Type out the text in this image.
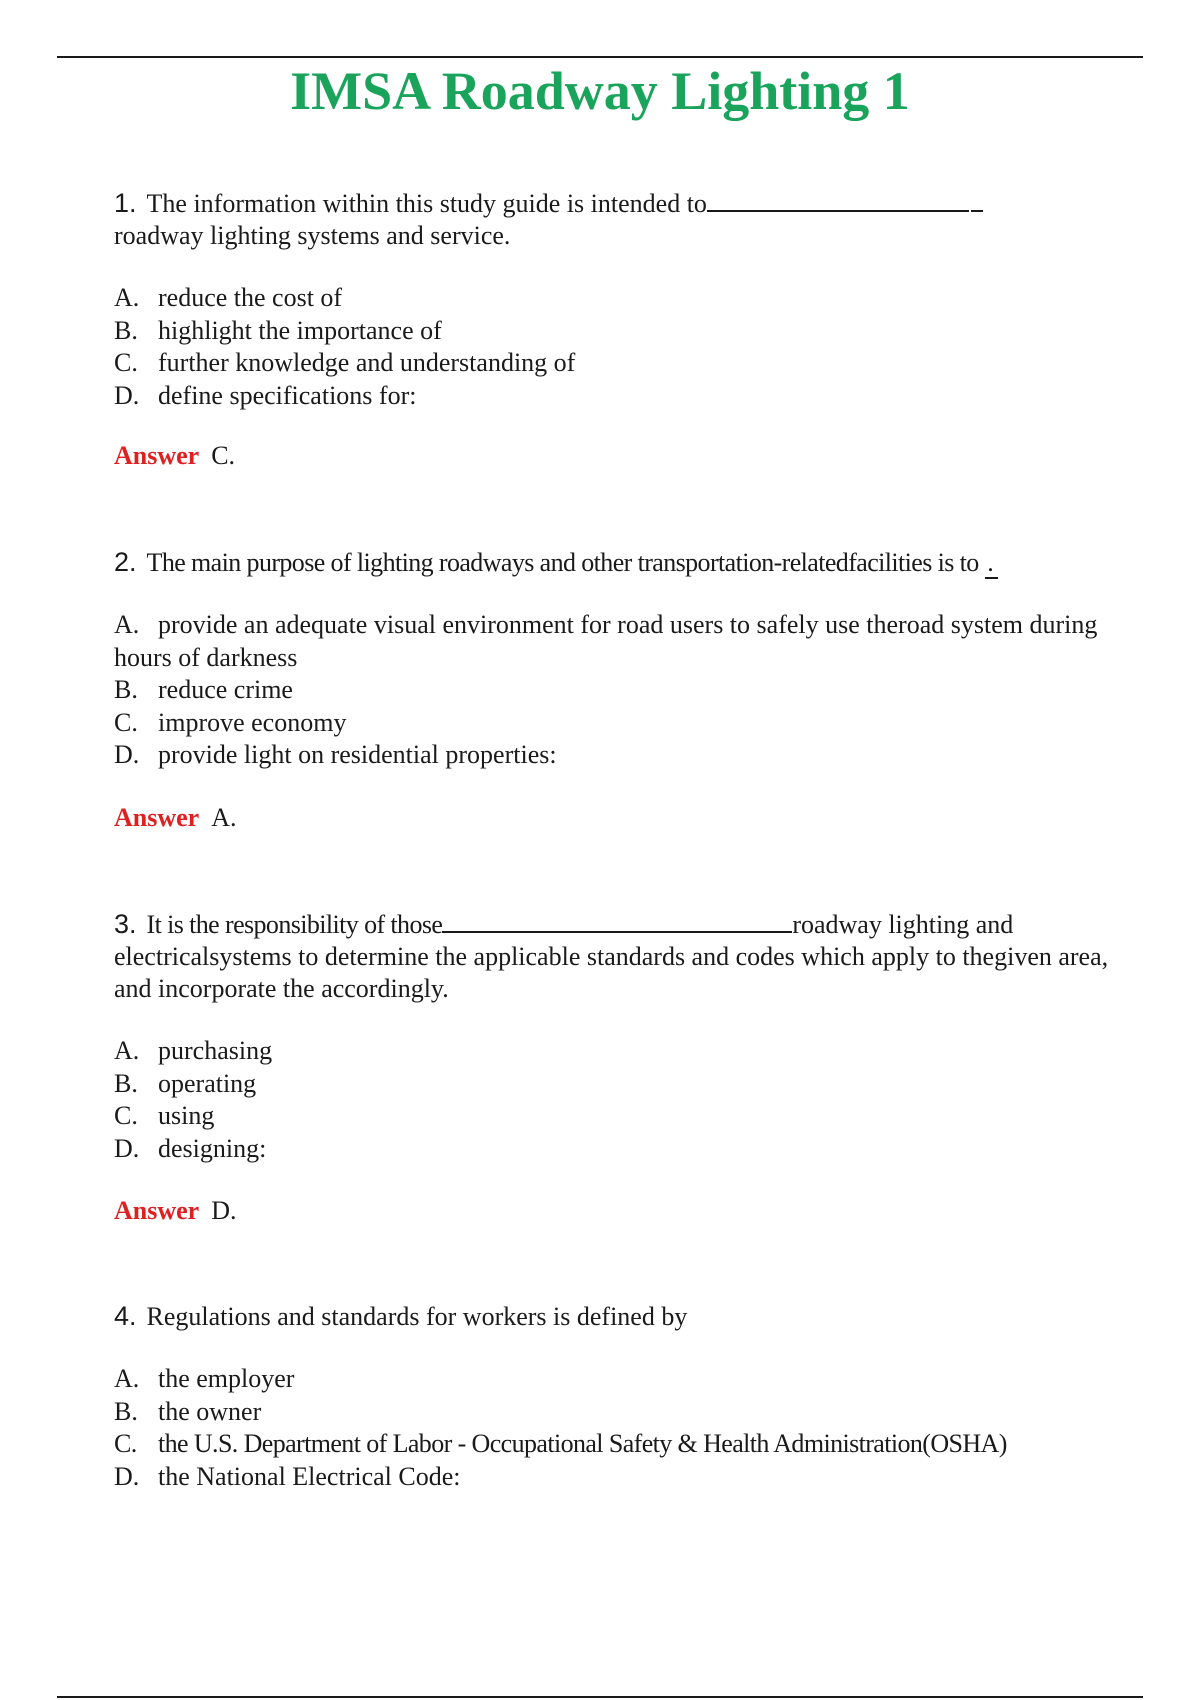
IMSA Roadway Lighting 1

1. The information within this study guide is intended to
roadway lighting systems and service.

A. reduce the cost of
B. highlight the importance of
C. further knowledge and understanding of
D. define specifications for:

Answer C.

2. The main purpose of lighting roadways and other transportation-relatedfacilities is to .

A. provide an adequate visual environment for road users to safely use theroad system during hours of darkness
B. reduce crime
C. improve economy
D. provide light on residential properties:

Answer A.

3. It is the responsibility of those	roadway lighting and electricalsystems to determine the applicable standards and codes which apply to thegiven area, and incorporate the accordingly.

A. purchasing
B. operating
C. using
D. designing:

Answer D.

4. Regulations and standards for workers is defined by

A. the employer
B. the owner
C. the U.S. Department of Labor - Occupational Safety & Health Administration(OSHA)
D. the National Electrical Code:
